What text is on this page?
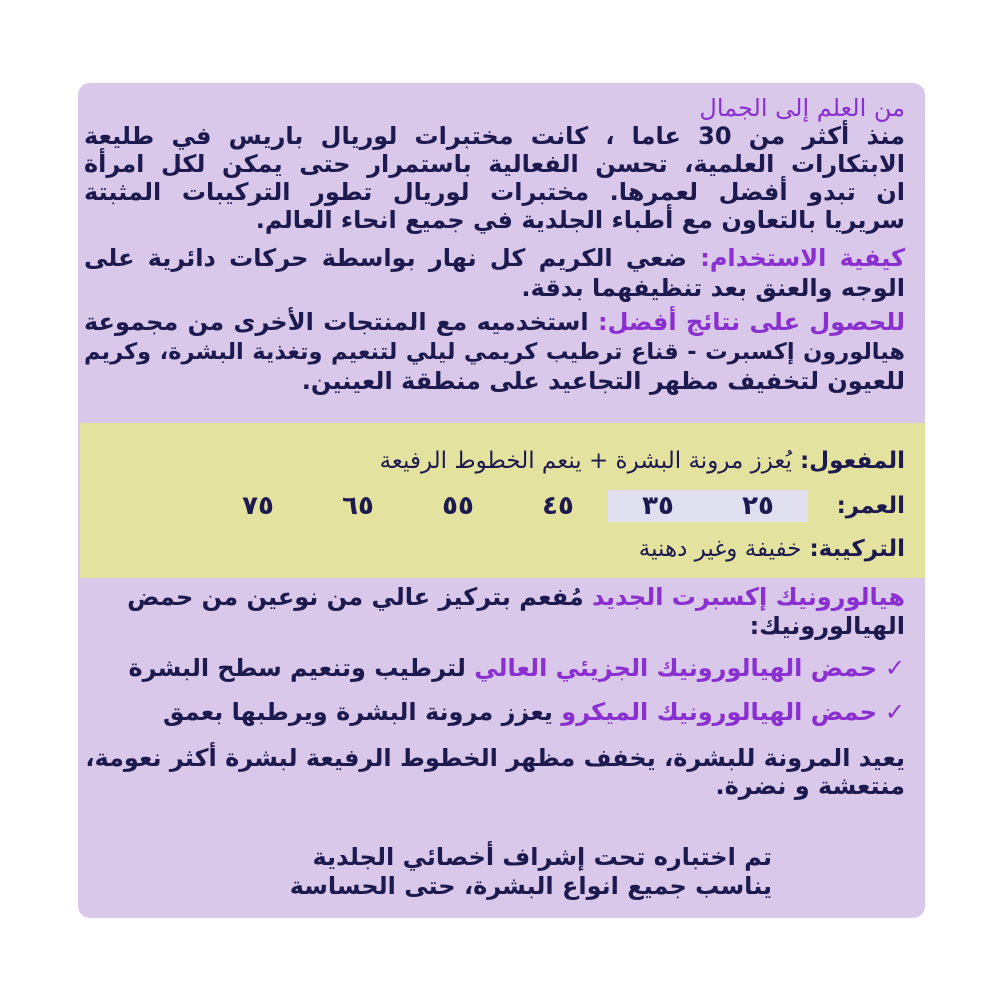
من العلم إلى الجمال
منذ أكثر من 30 عاما ، كانت مختبرات لوريال باريس في طليعة
الابتكارات العلمية، تحسن الفعالية باستمرار حتى يمكن لكل امرأة
ان تبدو أفضل لعمرها. مختبرات لوريال تطور التركيبات المثبتة
سريريا بالتعاون مع أطباء الجلدية في جميع انحاء العالم.
كيفية الاستخدام: ضعي الكريم كل نهار بواسطة حركات دائرية على
الوجه والعنق بعد تنظيفهما بدقة.
للحصول على نتائج أفضل: استخدميه مع المنتجات الأخرى من مجموعة
هيالورون إكسبرت - قناع ترطيب كريمي ليلي لتنعيم وتغذية البشرة، وكريم
للعيون لتخفيف مظهر التجاعيد على منطقة العينين.
المفعول: يُعزز مرونة البشرة + ينعم الخطوط الرفيعة
العمر:
٢٥
٣٥
٤٥
٥٥
٦٥
٧٥
التركيبة: خفيفة وغير دهنية
هيالورونيك إكسبرت الجديد مُفعم بتركيز عالي من نوعين من حمض
الهيالورونيك:
✓حمض الهيالورونيك الجزيئي العالي لترطيب وتنعيم سطح البشرة
✓حمض الهيالورونيك الميكرو يعزز مرونة البشرة ويرطبها بعمق
يعيد المرونة للبشرة، يخفف مظهر الخطوط الرفيعة لبشرة أكثر نعومة،
منتعشة و نضرة.
تم اختباره تحت إشراف أخصائي الجلدية
يناسب جميع انواع البشرة، حتى الحساسة
